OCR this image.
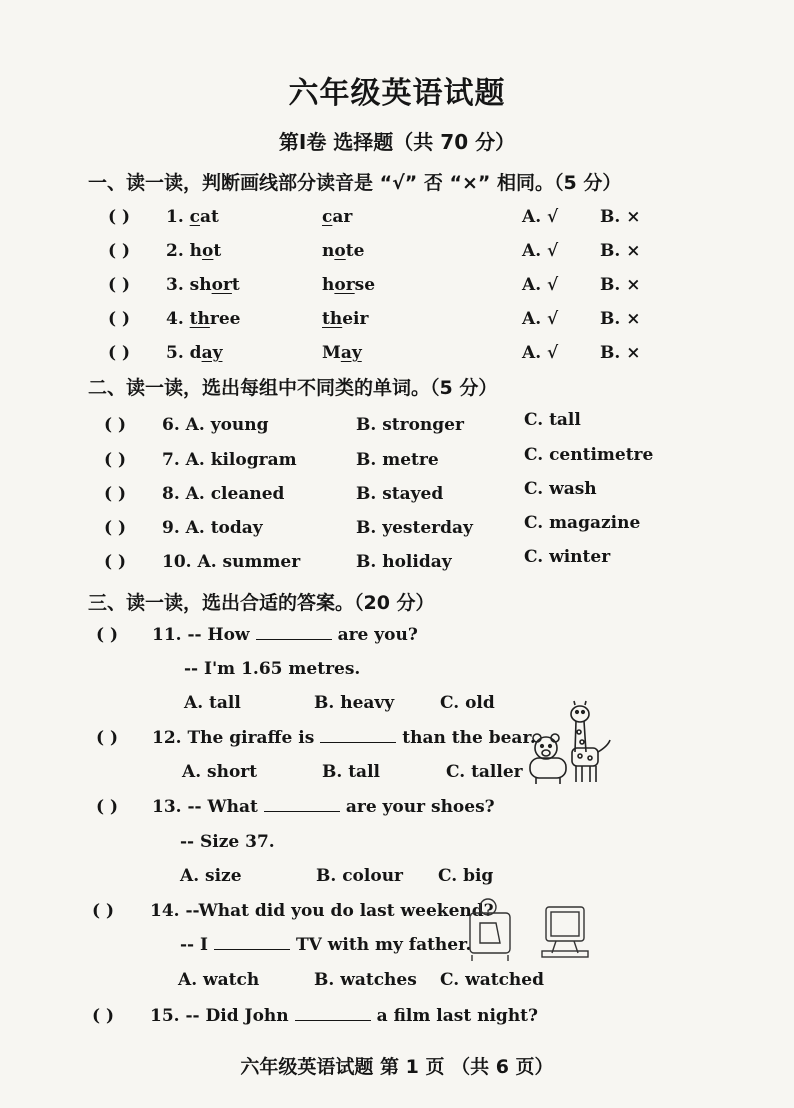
六年级英语试题
第I卷 选择题（共 70 分）
一、读一读，判断画线部分读音是 “√” 否 “×” 相同。（5 分）
( ) 1. cat	car	A. √ B. ×
( ) 2. hot	note	A. √ B. ×
( ) 3. short	horse	A. √ B. ×
( ) 4. three	their	A. √ B. ×
( ) 5. day	May	A. √ B. ×
二、读一读，选出每组中不同类的单词。（5 分）
( ) 6. A. young	B. stronger	C. tall
( ) 7. A. kilogram	B. metre	C. centimetre
( ) 8. A. cleaned	B. stayed	C. wash
( ) 9. A. today	B. yesterday	C. magazine
( ) 10. A. summer	B. holiday	C. winter
三、读一读，选出合适的答案。（20 分）
( ) 11. -- How	are you?
-- I'm 1.65 metres.
A. tall	B. heavy	C. old
( ) 12. The giraffe is	than the bear.
A. short	B. tall	C. taller
( ) 13. -- What	are your shoes?
-- Size 37.
A. size	B. colour C. big
( ) 14. --What did you do last weekend?
-- I	TV with my father.
A. watch	B. watches C. watched
( ) 15. -- Did John	a film last night?
六年级英语试题 第 1 页 （共 6 页）
